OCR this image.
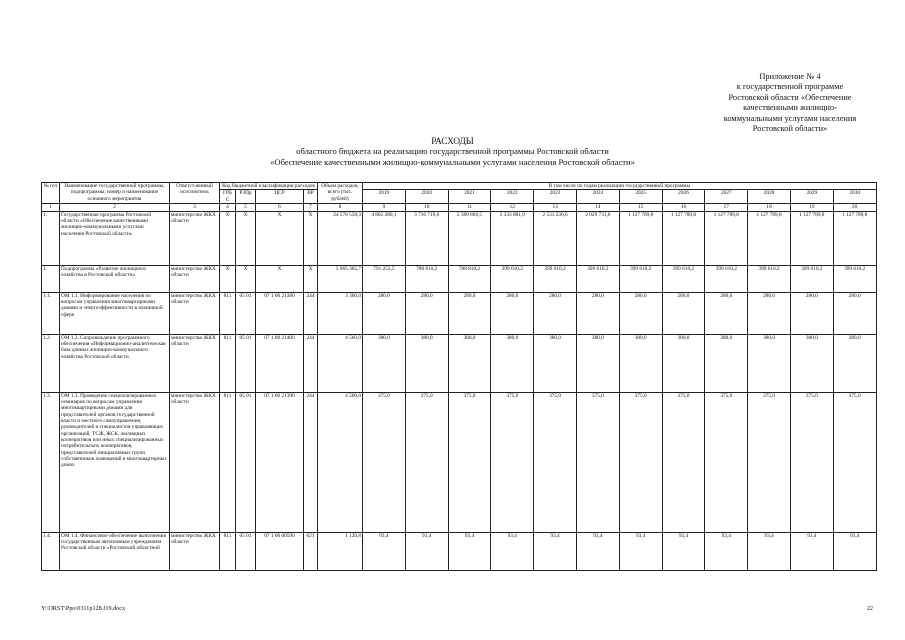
Приложение № 4
к государственной программе
Ростовской области «Обеспечение
качественными жилищно-
коммунальными услугами населения
Ростовской области»
РАСХОДЫ
областного бюджета на реализацию государственной программы Ростовской области
«Обеспечение качественными жилищно-коммунальными услугами населения Ростовской области»
№ п/п	Наименование государственной программы, подпрограммы, номер и наименование основного мероприятия	Ответст-венный исполнитель	Код бюджетной классификации расходов				Объем расходов, всего (тыс. рублей)	В том числе по годам реализации государственной программы											
			ГРБ С	РЗПр	ЦСР	ВР		2019	2020	2021	2022	2023	2024	2025	2026	2027	2028	2029	2030
1	2	3	4	5	6	7	8	9	10	11	12	13	14	15	16	17	18	19	20
1.	Государственная программа Ростовской области «Обеспечение качественными жилищно-коммунальными услугами населения Ростовской области»	министерство ЖКХ области	X	X	X	X	24 570 558,3	4 802 380,1	3 716 719,6	2 389 869,5	2 333 881,9	2 531 236,6	2 029 731,6	1 127 789,8	1 127 789,8	1 127 789,8	1 127 789,8	1 127 789,8	1 127 789,8
1.	Подпрограмма «Развитие жилищного хозяйства в Ростовской области»	министерство ЖКХ области	X	X	X	X	5 965 365,7	791 253,5	788 810,2	788 810,2	399 610,2	399 610,2	399 610,2	399 610,2	399 610,2	399 610,2	399 610,2	399 610,2	399 610,2
1.1.	ОМ 1.1. Информирование населения по вопросам управления многоквартирными домами и энергоэффективности в жилищной сфере	министерство ЖКХ области	811	05 01	07 1 00 21380	244	3 360,0	280,0	280,0	280,0	280,0	280,0	280,0	280,0	280,0	280,0	280,0	280,0	280,0
1.2.	ОМ 1.2. Сопровождение программного обеспечения «Информационно-аналитическая база данных жилищно-коммунального хозяйства Ростовской области	министерство ЖКХ области	811	05 01	07 1 00 21400	244	4 560,0	380,0	380,0	380,0	380,0	380,0	380,0	380,0	380,0	380,0	380,0	380,0	380,0
1.3.	ОМ 1.3. Проведение специализированных семинаров по вопросам управления многоквартирными домами для представителей органов государственной власти и местного самоуправления, руководителей и специалистов управляющих организаций, ТСЖ, ЖСК, жилищных кооперативов или иных специализированных потребительских кооперативов, представителей инициативных групп собственников помещений в многоквартирных домах	министерство ЖКХ области	811	05 01	07 1 00 21390	244	4 500,0	375,0	375,0	375,0	375,0	375,0	375,0	375,0	375,0	375,0	375,0	375,0	375,0
1.4.	ОМ 1.4. Финансовое обеспечение выполнения государственным автономным учреждением Ростовской области «Ростовский областной	министерство ЖКХ области	811	05 01	07 1 00 00590	621	1 120,8	93,4	93,4	93,4	93,4	93,4	93,4	93,4	93,4	93,4	93,4	93,4	93,4
Y:\ORST\Ppo\0311p128.f19.docx	22
